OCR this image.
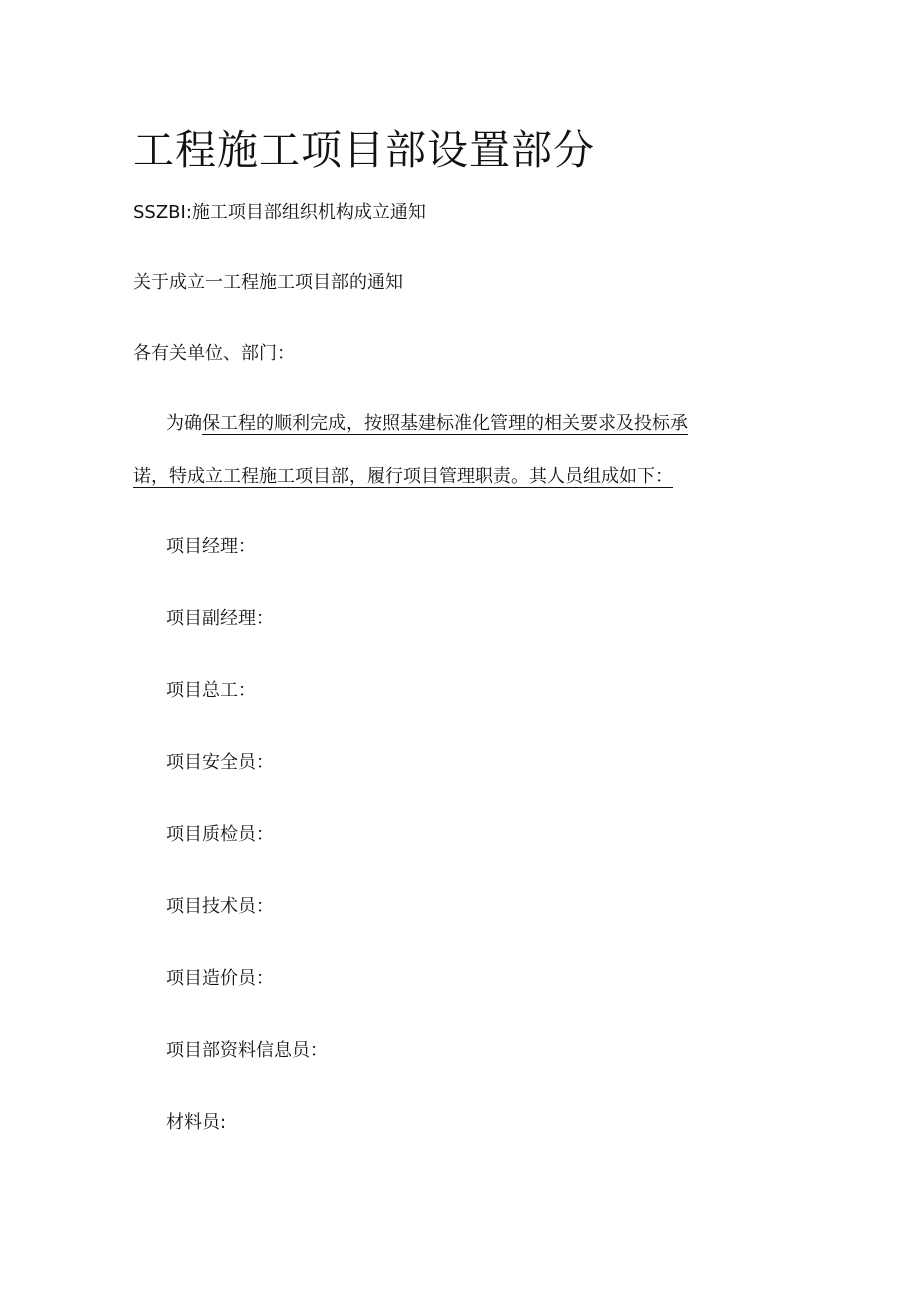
工程施工项目部设置部分
SSZBI:施工项目部组织机构成立通知
关于成立一工程施工项目部的通知
各有关单位、部门：
为确保工程的顺利完成，按照基建标准化管理的相关要求及投标承
诺，特成立工程施工项目部，履行项目管理职责。其人员组成如下：
项目经理：
项目副经理：
项目总工：
项目安全员：
项目质检员：
项目技术员：
项目造价员：
项目部资料信息员：
材料员:
